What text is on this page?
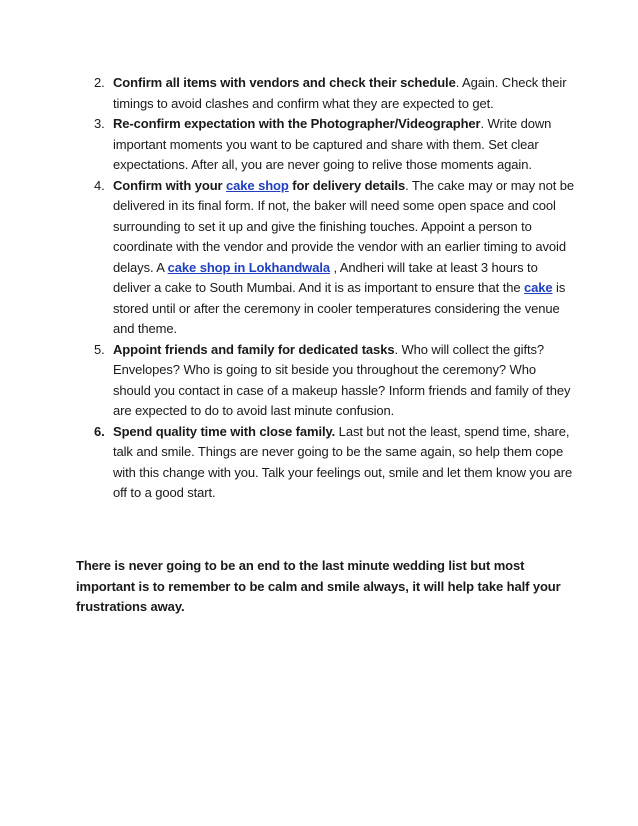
2. Confirm all items with vendors and check their schedule. Again. Check their timings to avoid clashes and confirm what they are expected to get.
3. Re-confirm expectation with the Photographer/Videographer. Write down important moments you want to be captured and share with them. Set clear expectations. After all, you are never going to relive those moments again.
4. Confirm with your cake shop for delivery details. The cake may or may not be delivered in its final form. If not, the baker will need some open space and cool surrounding to set it up and give the finishing touches. Appoint a person to coordinate with the vendor and provide the vendor with an earlier timing to avoid delays. A cake shop in Lokhandwala , Andheri will take at least 3 hours to deliver a cake to South Mumbai. And it is as important to ensure that the cake is stored until or after the ceremony in cooler temperatures considering the venue and theme.
5. Appoint friends and family for dedicated tasks. Who will collect the gifts? Envelopes? Who is going to sit beside you throughout the ceremony? Who should you contact in case of a makeup hassle? Inform friends and family of they are expected to do to avoid last minute confusion.
6. Spend quality time with close family. Last but not the least, spend time, share, talk and smile. Things are never going to be the same again, so help them cope with this change with you. Talk your feelings out, smile and let them know you are off to a good start.

There is never going to be an end to the last minute wedding list but most important is to remember to be calm and smile always, it will help take half your frustrations away.
